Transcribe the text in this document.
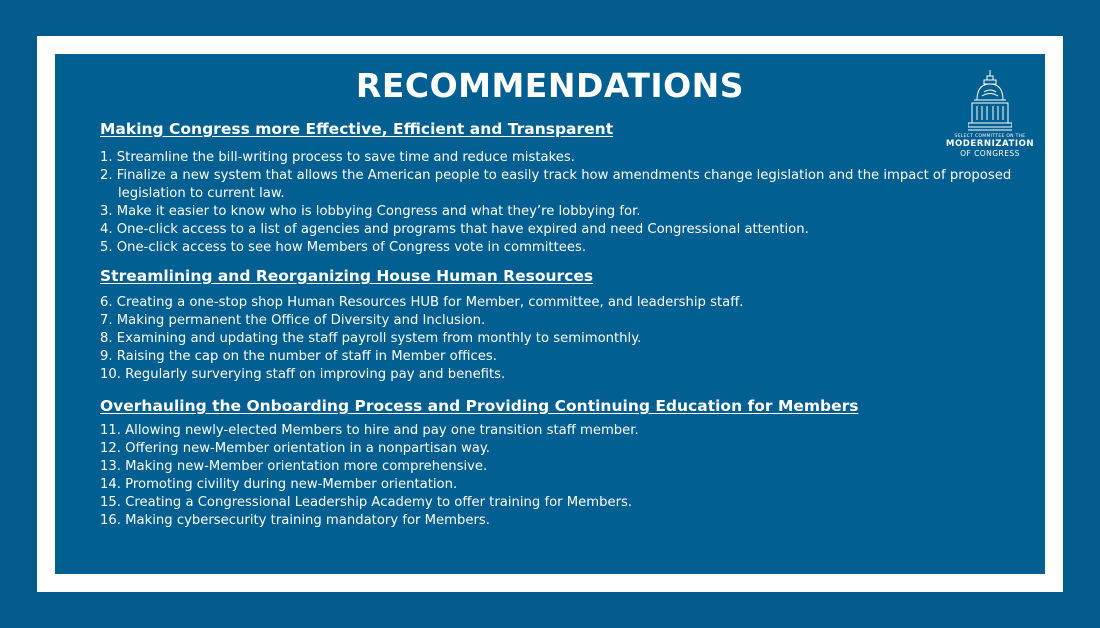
RECOMMENDATIONS
SELECT COMMITTEE ON THE
MODERNIZATION
OF CONGRESS
Making Congress more Effective, Efficient and Transparent
1. Streamline the bill-writing process to save time and reduce mistakes.
2. Finalize a new system that allows the American people to easily track how amendments change legislation and the impact of proposed legislation to current law.
3. Make it easier to know who is lobbying Congress and what they’re lobbying for.
4. One-click access to a list of agencies and programs that have expired and need Congressional attention.
5. One-click access to see how Members of Congress vote in committees.
Streamlining and Reorganizing House Human Resources
6. Creating a one-stop shop Human Resources HUB for Member, committee, and leadership staff.
7. Making permanent the Office of Diversity and Inclusion.
8. Examining and updating the staff payroll system from monthly to semimonthly.
9. Raising the cap on the number of staff in Member offices.
10. Regularly surverying staff on improving pay and benefits.
Overhauling the Onboarding Process and Providing Continuing Education for Members
11. Allowing newly-elected Members to hire and pay one transition staff member.
12. Offering new-Member orientation in a nonpartisan way.
13. Making new-Member orientation more comprehensive.
14. Promoting civility during new-Member orientation.
15. Creating a Congressional Leadership Academy to offer training for Members.
16. Making cybersecurity training mandatory for Members.
